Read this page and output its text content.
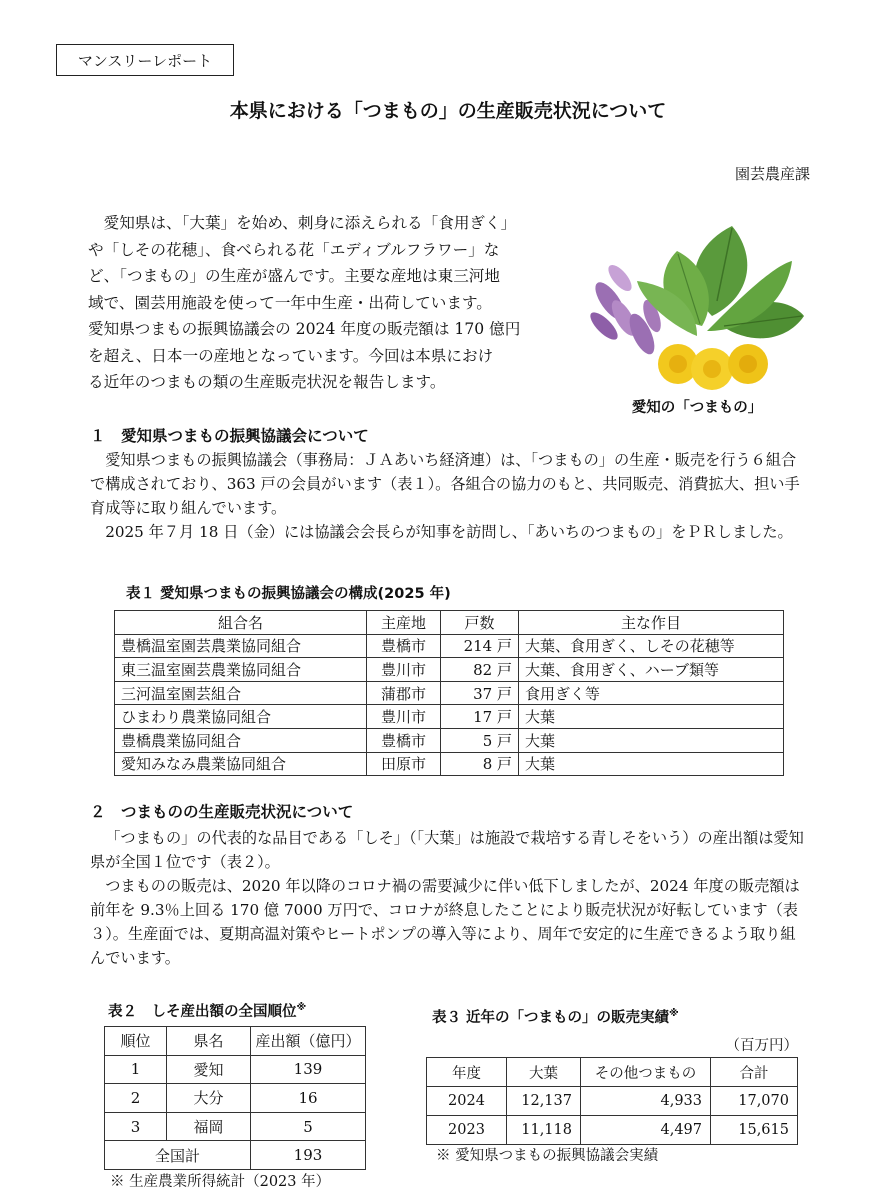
マンスリーレポート
本県における「つまもの」の生産販売状況について
園芸農産課

　愛知県は、「大葉」を始め、刺身に添えられる「食用ぎく」

や「しその花穂」、食べられる花「エディブルフラワー」な

ど、「つまもの」の生産が盛んです。主要な産地は東三河地

域で、園芸用施設を使って一年中生産・出荷しています。

愛知県つまもの振興協議会の 2024 年度の販売額は 170 億円

を超え、日本一の産地となっています。今回は本県におけ

る近年のつまもの類の生産販売状況を報告します。

愛知の「つまもの」
１　愛知県つまもの振興協議会について

愛知県つまもの振興協議会（事務局：ＪＡあいち経済連）は、「つまもの」の生産・販売を行う６組合で構成されており、363 戸の会員がいます（表１）。各組合の協力のもと、共同販売、消費拡大、担い手育成等に取り組んでいます。

2025 年７月 18 日（金）には協議会会長らが知事を訪問し、「あいちのつまもの」をＰＲしました。

表１ 愛知県つまもの振興協議会の構成(2025 年)
組合名	主産地	戸数	主な作目
豊橋温室園芸農業協同組合	豊橋市	214 戸	大葉、食用ぎく、しその花穂等
東三温室園芸農業協同組合	豊川市	82 戸	大葉、食用ぎく、ハーブ類等
三河温室園芸組合	蒲郡市	37 戸	食用ぎく等
ひまわり農業協同組合	豊川市	17 戸	大葉
豊橋農業協同組合	豊橋市	5 戸	大葉
愛知みなみ農業協同組合	田原市	8 戸	大葉
２　つまものの生産販売状況について

「つまもの」の代表的な品目である「しそ」（「大葉」は施設で栽培する青しそをいう）の産出額は愛知県が全国１位です（表２）。

つまものの販売は、2020 年以降のコロナ禍の需要減少に伴い低下しましたが、2024 年度の販売額は前年を 9.3％上回る 170 億 7000 万円で、コロナが終息したことにより販売状況が好転しています（表３）。生産面では、夏期高温対策やヒートポンプの導入等により、周年で安定的に生産できるよう取り組んでいます。

表２　しそ産出額の全国順位※
順位	県名	産出額（億円）
1	愛知	139
2	大分	16
3	福岡	5
全国計		193
※ 生産農業所得統計（2023 年）
表３ 近年の「つまもの」の販売実績※
（百万円）
年度	大葉	その他つまもの	合計
2024	12,137	4,933	17,070
2023	11,118	4,497	15,615
※ 愛知県つまもの振興協議会実績
